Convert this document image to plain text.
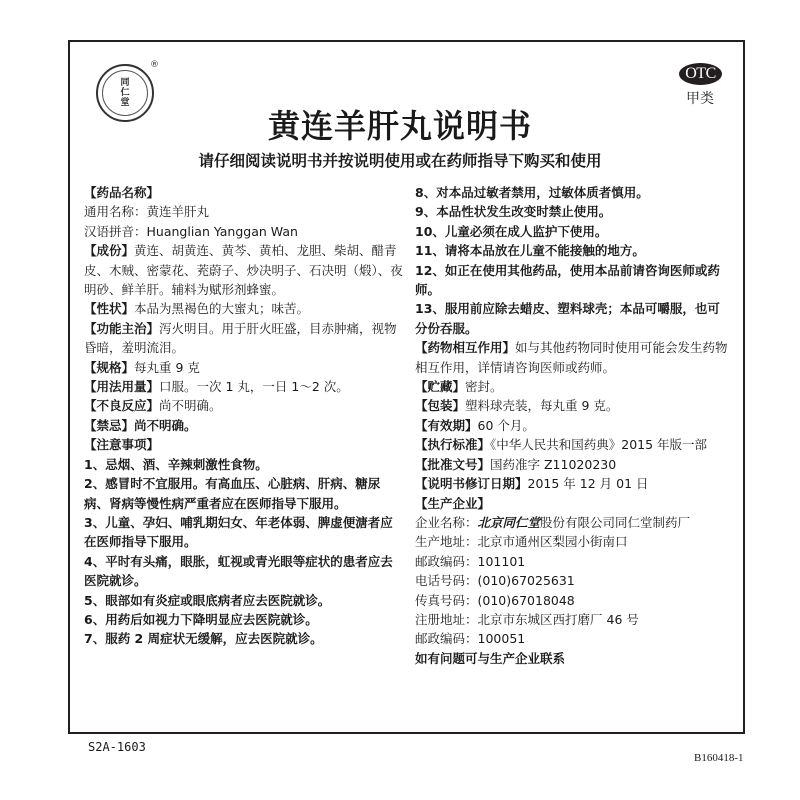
同
仁
堂
®	OTC
甲类
黄连羊肝丸说明书
请仔细阅读说明书并按说明使用或在药师指导下购买和使用
【药品名称】
通用名称：黄连羊肝丸
汉语拼音：Huanglian Yanggan Wan
【成份】黄连、胡黄连、黄芩、黄柏、龙胆、柴胡、醋青皮、木贼、密蒙花、茺蔚子、炒决明子、石决明（煅）、夜明砂、鲜羊肝。辅料为赋形剂蜂蜜。
【性状】本品为黑褐色的大蜜丸；味苦。
【功能主治】泻火明目。用于肝火旺盛，目赤肿痛，视物昏暗，羞明流泪。
【规格】每丸重 9 克
【用法用量】口服。一次 1 丸，一日 1～2 次。
【不良反应】尚不明确。
【禁忌】尚不明确。
【注意事项】
1、忌烟、酒、辛辣刺激性食物。
2、感冒时不宜服用。有高血压、心脏病、肝病、糖尿病、肾病等慢性病严重者应在医师指导下服用。
3、儿童、孕妇、哺乳期妇女、年老体弱、脾虚便溏者应在医师指导下服用。
4、平时有头痛，眼胀，虹视或青光眼等症状的患者应去医院就诊。
5、眼部如有炎症或眼底病者应去医院就诊。
6、用药后如视力下降明显应去医院就诊。
7、服药 2 周症状无缓解，应去医院就诊。
8、对本品过敏者禁用，过敏体质者慎用。
9、本品性状发生改变时禁止使用。
10、儿童必须在成人监护下使用。
11、请将本品放在儿童不能接触的地方。
12、如正在使用其他药品，使用本品前请咨询医师或药师。
13、服用前应除去蜡皮、塑料球壳；本品可嚼服，也可分份吞服。
【药物相互作用】如与其他药物同时使用可能会发生药物相互作用，详情请咨询医师或药师。
【贮藏】密封。
【包装】塑料球壳装，每丸重 9 克。
【有效期】60 个月。
【执行标准】《中华人民共和国药典》2015 年版一部
【批准文号】国药准字 Z11020230
【说明书修订日期】2015 年 12 月 01 日
【生产企业】
企业名称：北京同仁堂股份有限公司同仁堂制药厂
生产地址：北京市通州区梨园小街南口
邮政编码：101101
电话号码：(010)67025631
传真号码：(010)67018048
注册地址：北京市东城区西打磨厂 46 号
邮政编码：100051
如有问题可与生产企业联系
S2A-1603
B160418-1
